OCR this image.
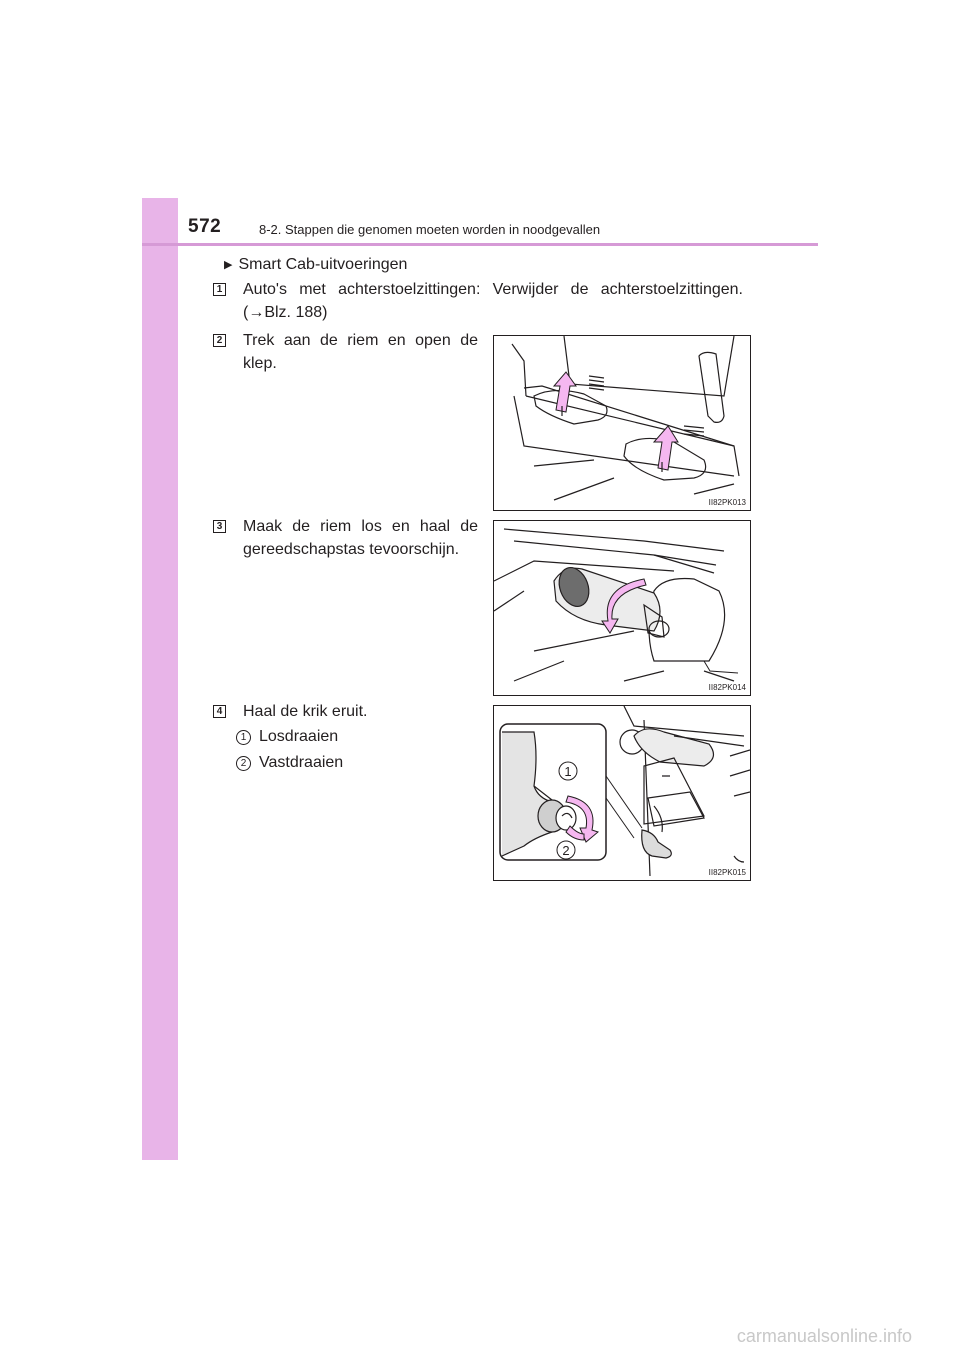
572	8-2. Stappen die genomen moeten worden in noodgevallen
▶ Smart Cab-uitvoeringen
1 Auto's met achterstoelzittingen: Verwijder de achterstoelzittingen.
(→Blz. 188)
2 Trek aan de riem en open de
klep.
II82PK013
3 Maak de riem los en haal de
gereedschapstas tevoorschijn.
II82PK014
4 Haal de krik eruit.
1 Losdraaien
2 Vastdraaien
1
2
II82PK015
carmanualsonline.info
